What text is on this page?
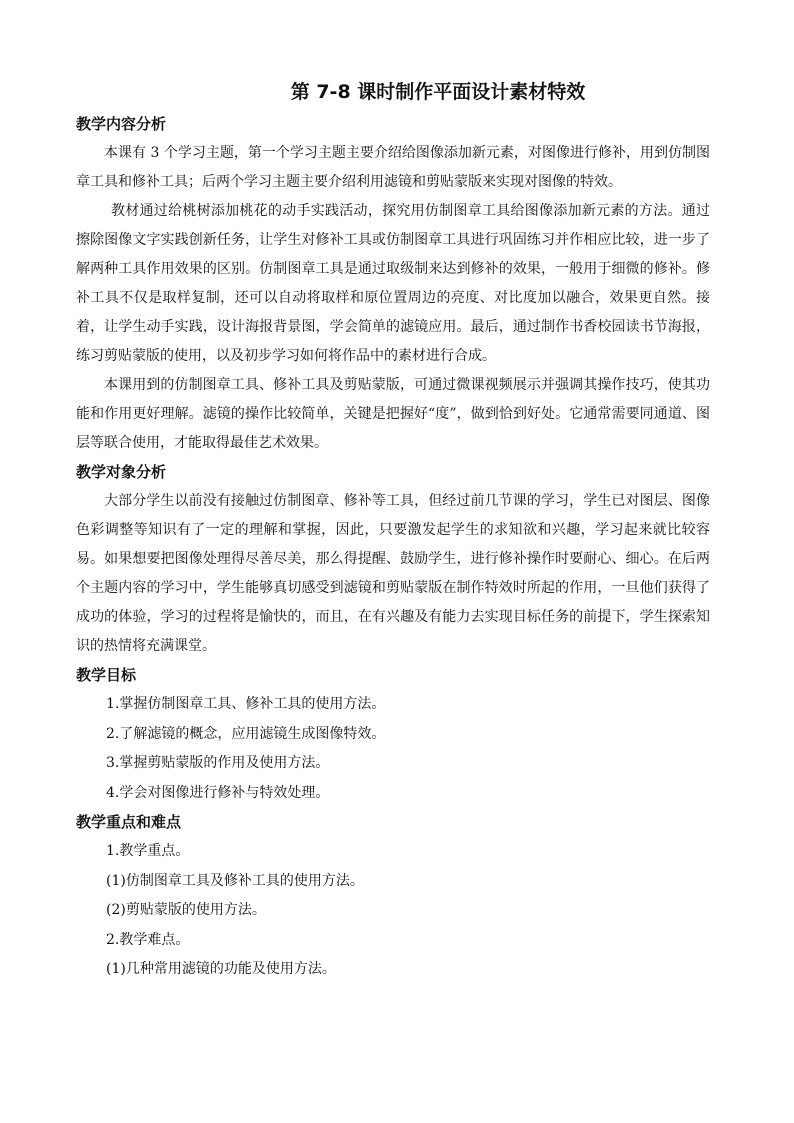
第 7-8 课时制作平面设计素材特效
教学内容分析

本课有 3 个学习主题，第一个学习主题主要介绍给图像添加新元素，对图像进行修补，用到仿制图章工具和修补工具；后两个学习主题主要介绍利用滤镜和剪贴蒙版来实现对图像的特效。

教材通过给桃树添加桃花的动手实践活动，探究用仿制图章工具给图像添加新元素的方法。通过擦除图像文字实践创新任务，让学生对修补工具或仿制图章工具进行巩固练习并作相应比较，进一步了解两种工具作用效果的区别。仿制图章工具是通过取级制来达到修补的效果，一般用于细微的修补。修补工具不仅是取样复制，还可以自动将取样和原位置周边的亮度、对比度加以融合，效果更自然。接着，让学生动手实践，设计海报背景图，学会简单的滤镜应用。最后，通过制作书香校园读书节海报，练习剪贴蒙版的使用，以及初步学习如何将作品中的素材进行合成。

本课用到的仿制图章工具、修补工具及剪贴蒙版，可通过微课视频展示并强调其操作技巧，使其功能和作用更好理解。滤镜的操作比较简单，关键是把握好“度”，做到恰到好处。它通常需要同通道、图层等联合使用，才能取得最佳艺术效果。

教学对象分析

大部分学生以前没有接触过仿制图章、修补等工具，但经过前几节课的学习，学生已对图层、图像色彩调整等知识有了一定的理解和掌握，因此，只要激发起学生的求知欲和兴趣，学习起来就比较容易。如果想要把图像处理得尽善尽美，那么得提醒、鼓励学生，进行修补操作时要耐心、细心。在后两个主题内容的学习中，学生能够真切感受到滤镜和剪贴蒙版在制作特效时所起的作用，一旦他们获得了成功的体验，学习的过程将是愉快的，而且，在有兴趣及有能力去实现目标任务的前提下，学生探索知识的热情将充满课堂。

教学目标

1.掌握仿制图章工具、修补工具的使用方法。

2.了解滤镜的概念，应用滤镜生成图像特效。

3.掌握剪贴蒙版的作用及使用方法。

4.学会对图像进行修补与特效处理。

教学重点和难点

1.教学重点。

(1)仿制图章工具及修补工具的使用方法。

(2)剪贴蒙版的使用方法。

2.教学难点。

(1)几种常用滤镜的功能及使用方法。
